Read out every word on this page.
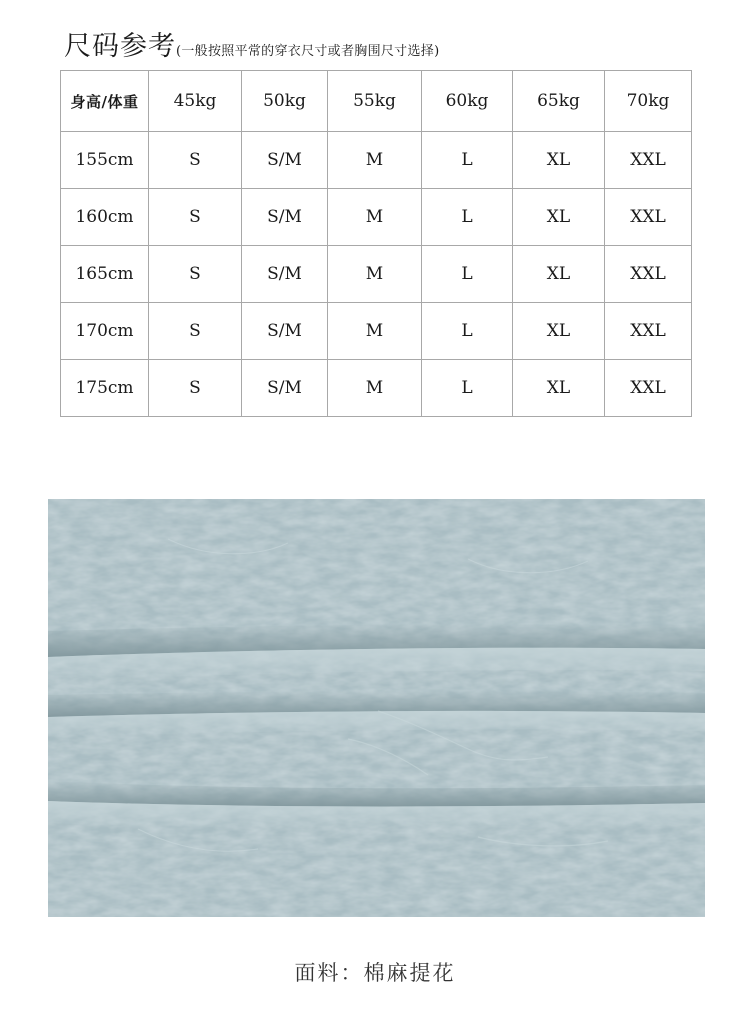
尺码参考(一般按照平常的穿衣尺寸或者胸围尺寸选择)
身高/体重	45kg	50kg	55kg	60kg	65kg	70kg
155cm	S	S/M	M	L	XL	XXL
160cm	S	S/M	M	L	XL	XXL
165cm	S	S/M	M	L	XL	XXL
170cm	S	S/M	M	L	XL	XXL
175cm	S	S/M	M	L	XL	XXL
面料：棉麻提花
